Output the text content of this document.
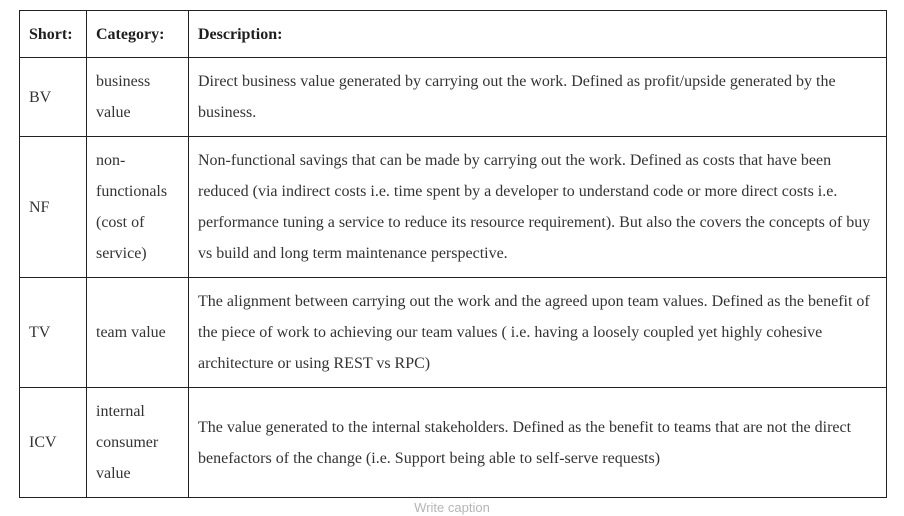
Short:	Category:	Description:
BV	business value	Direct business value generated by carrying out the work. Defined as profit/upside generated by the business.
NF	non-functionals (cost of service)	Non-functional savings that can be made by carrying out the work. Defined as costs that have been reduced (via indirect costs i.e. time spent by a developer to understand code or more direct costs i.e. performance tuning a service to reduce its resource requirement). But also the covers the concepts of buy vs build and long term maintenance perspective.
TV	team value	The alignment between carrying out the work and the agreed upon team values. Defined as the benefit of the piece of work to achieving our team values ( i.e. having a loosely coupled yet highly cohesive architecture or using REST vs RPC)
ICV	internal consumer value	The value generated to the internal stakeholders. Defined as the benefit to teams that are not the direct benefactors of the change (i.e. Support being able to self-serve requests)
Write caption
